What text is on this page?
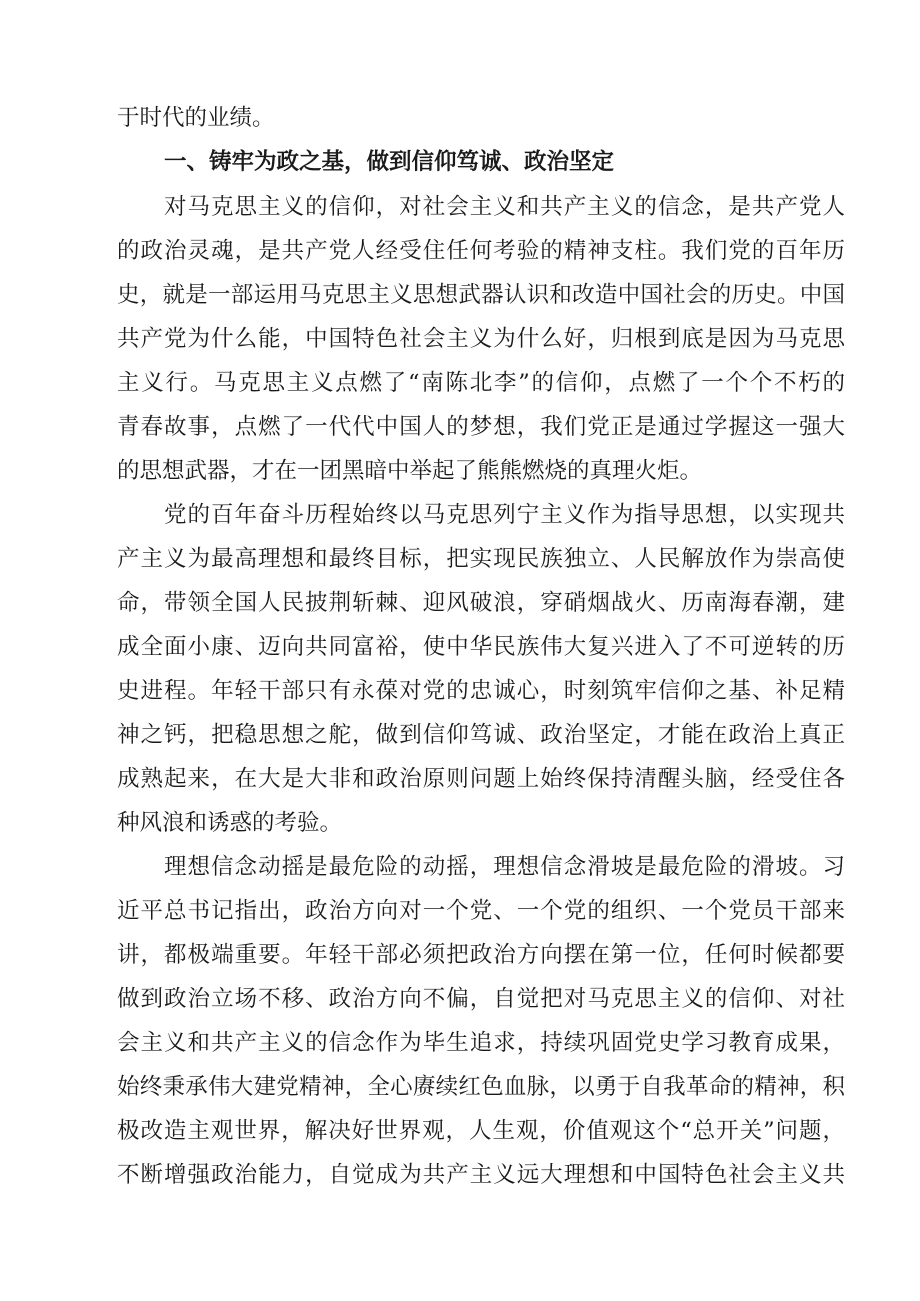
于时代的业绩。
一、铸牢为政之基，做到信仰笃诚、政治坚定
对马克思主义的信仰，对社会主义和共产主义的信念，是共产党人
的政治灵魂，是共产党人经受住任何考验的精神支柱。我们党的百年历
史，就是一部运用马克思主义思想武器认识和改造中国社会的历史。中国
共产党为什么能，中国特色社会主义为什么好，归根到底是因为马克思
主义行。马克思主义点燃了“南陈北李”的信仰，点燃了一个个不朽的
青春故事，点燃了一代代中国人的梦想，我们党正是通过学握这一强大
的思想武器，才在一团黑暗中举起了熊熊燃烧的真理火炬。
党的百年奋斗历程始终以马克思列宁主义作为指导思想，以实现共
产主义为最高理想和最终目标，把实现民族独立、人民解放作为崇高使
命，带领全国人民披荆斩棘、迎风破浪，穿硝烟战火、历南海春潮，建
成全面小康、迈向共同富裕，使中华民族伟大复兴进入了不可逆转的历
史进程。年轻干部只有永葆对党的忠诚心，时刻筑牢信仰之基、补足精
神之钙，把稳思想之舵，做到信仰笃诚、政治坚定，才能在政治上真正
成熟起来，在大是大非和政治原则问题上始终保持清醒头脑，经受住各
种风浪和诱惑的考验。
理想信念动摇是最危险的动摇，理想信念滑坡是最危险的滑坡。习
近平总书记指出，政治方向对一个党、一个党的组织、一个党员干部来
讲，都极端重要。年轻干部必须把政治方向摆在第一位，任何时候都要
做到政治立场不移、政治方向不偏，自觉把对马克思主义的信仰、对社
会主义和共产主义的信念作为毕生追求，持续巩固党史学习教育成果，
始终秉承伟大建党精神，全心赓续红色血脉，以勇于自我革命的精神，积
极改造主观世界，解决好世界观，人生观，价值观这个“总开关”问题，
不断增强政治能力，自觉成为共产主义远大理想和中国特色社会主义共
